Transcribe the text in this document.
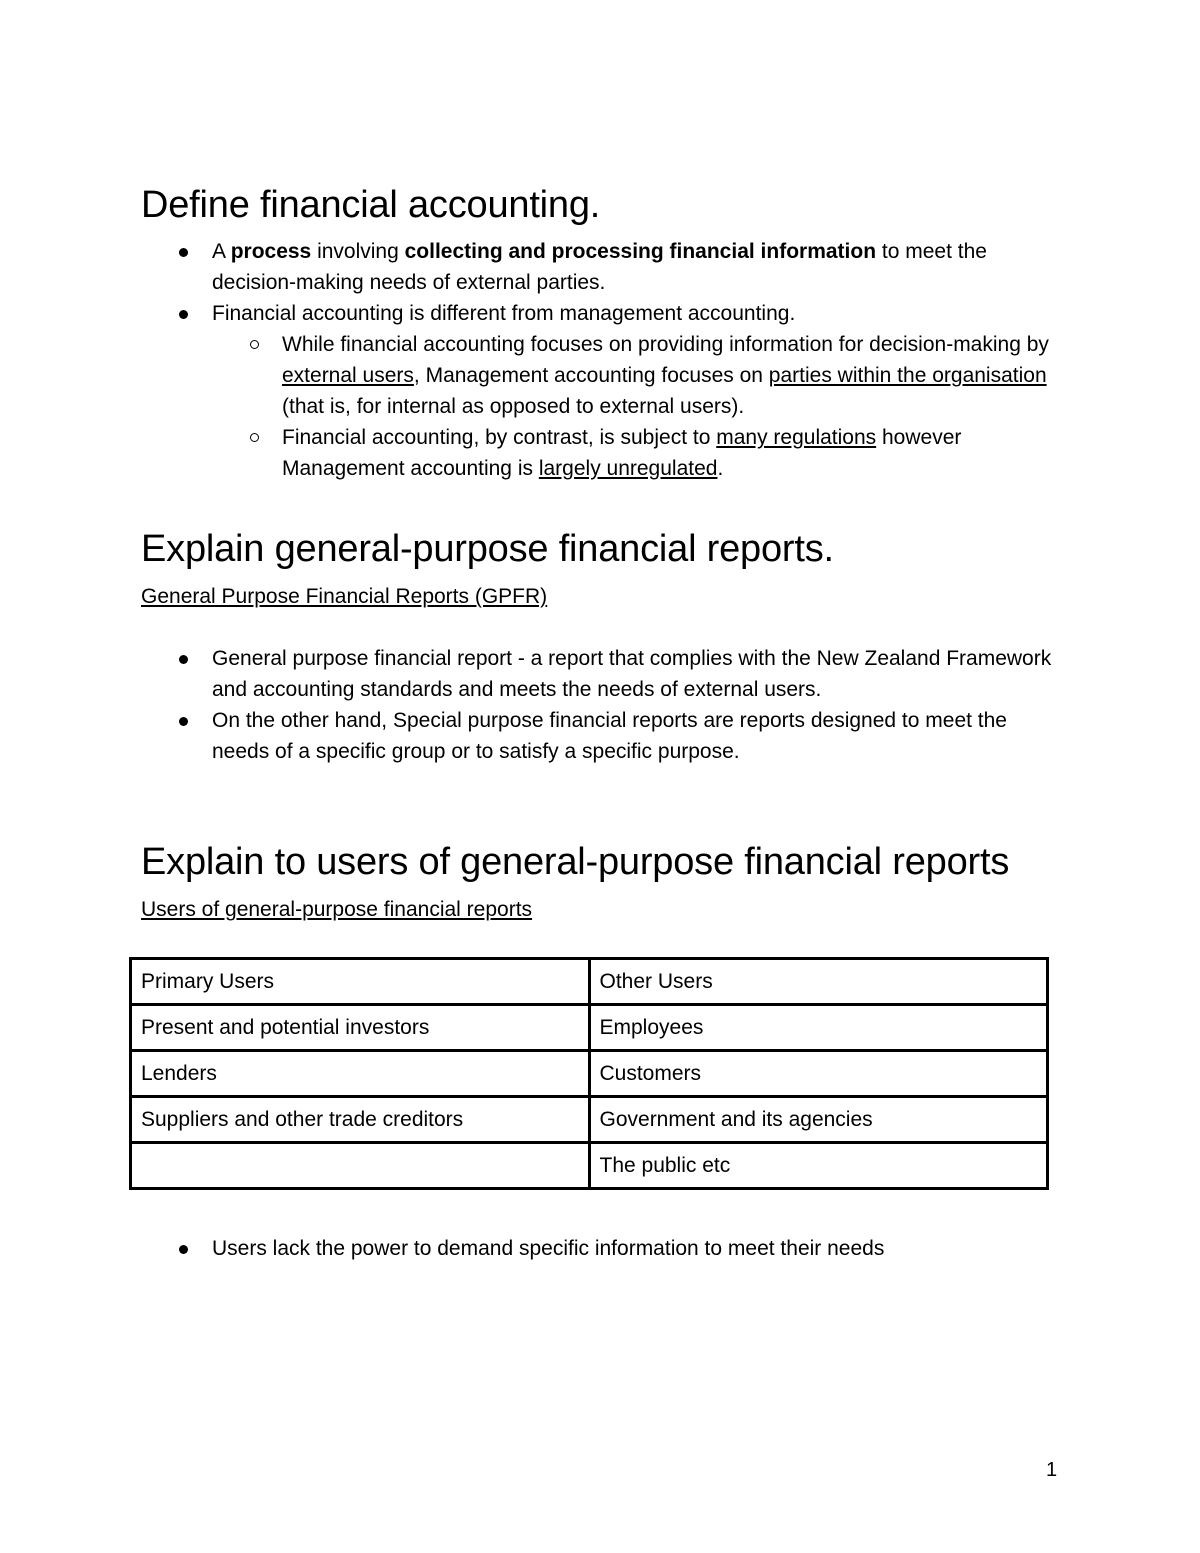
Define financial accounting.
A process involving collecting and processing financial information to meet the decision-making needs of external parties.
Financial accounting is different from management accounting.
While financial accounting focuses on providing information for decision-making by external users, Management accounting focuses on parties within the organisation (that is, for internal as opposed to external users).
Financial accounting, by contrast, is subject to many regulations however Management accounting is largely unregulated.
Explain general-purpose financial reports.

General Purpose Financial Reports (GPFR)

General purpose financial report - a report that complies with the New Zealand Framework and accounting standards and meets the needs of external users.
On the other hand, Special purpose financial reports are reports designed to meet the needs of a specific group or to satisfy a specific purpose.
Explain to users of general-purpose financial reports

Users of general-purpose financial reports

Primary Users	Other Users
Present and potential investors	Employees
Lenders	Customers
Suppliers and other trade creditors	Government and its agencies
	The public etc
Users lack the power to demand specific information to meet their needs
1
